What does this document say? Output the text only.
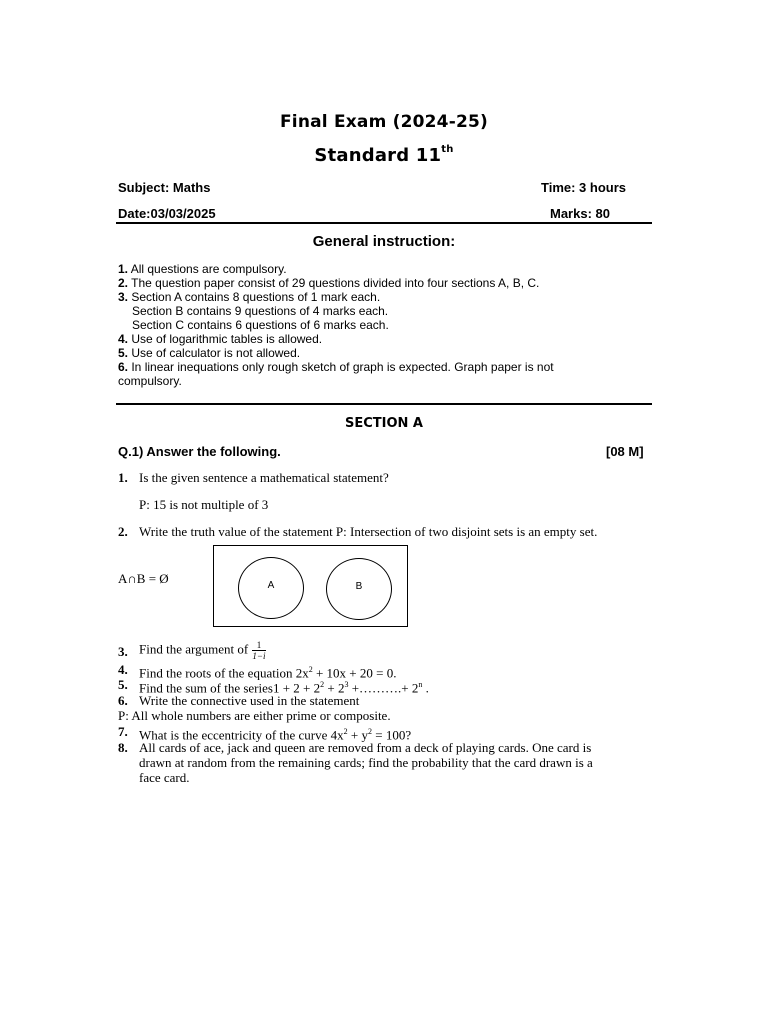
Final Exam (2024-25)
Standard 11th
Subject: Maths	Time: 3 hours
Date:03/03/2025	Marks: 80
General instruction:
1. All questions are compulsory.
2. The question paper consist of 29 questions divided into four sections A, B, C.
3. Section A contains 8 questions of 1 mark each.
Section B contains 9 questions of 4 marks each.
Section C contains 6 questions of 6 marks each.
4. Use of logarithmic tables is allowed.
5. Use of calculator is not allowed.
6. In linear inequations only rough sketch of graph is expected. Graph paper is not
compulsory.
SECTION A
Q.1) Answer the following.	[08 M]
1. Is the given sentence a mathematical statement?
P: 15 is not multiple of 3
2. Write the truth value of the statement P: Intersection of two disjoint sets is an empty set.
A∩B = Ø	A	B
3. Find the argument of $\frac{1}{1-i}$
4. Find the roots of the equation $2x^2 + 10x + 20 = 0$.
5. Find the sum of the series1 + $2 + 2^2 + 2^3$ +……….+ $2^n$ .
6. Write the connective used in the statement
P: All whole numbers are either prime or composite.
7. What is the eccentricity of the curve $4x^2 + y^2 = 100$?
8. All cards of ace, jack and queen are removed from a deck of playing cards. One card is
drawn at random from the remaining cards; find the probability that the card drawn is a
face card.
